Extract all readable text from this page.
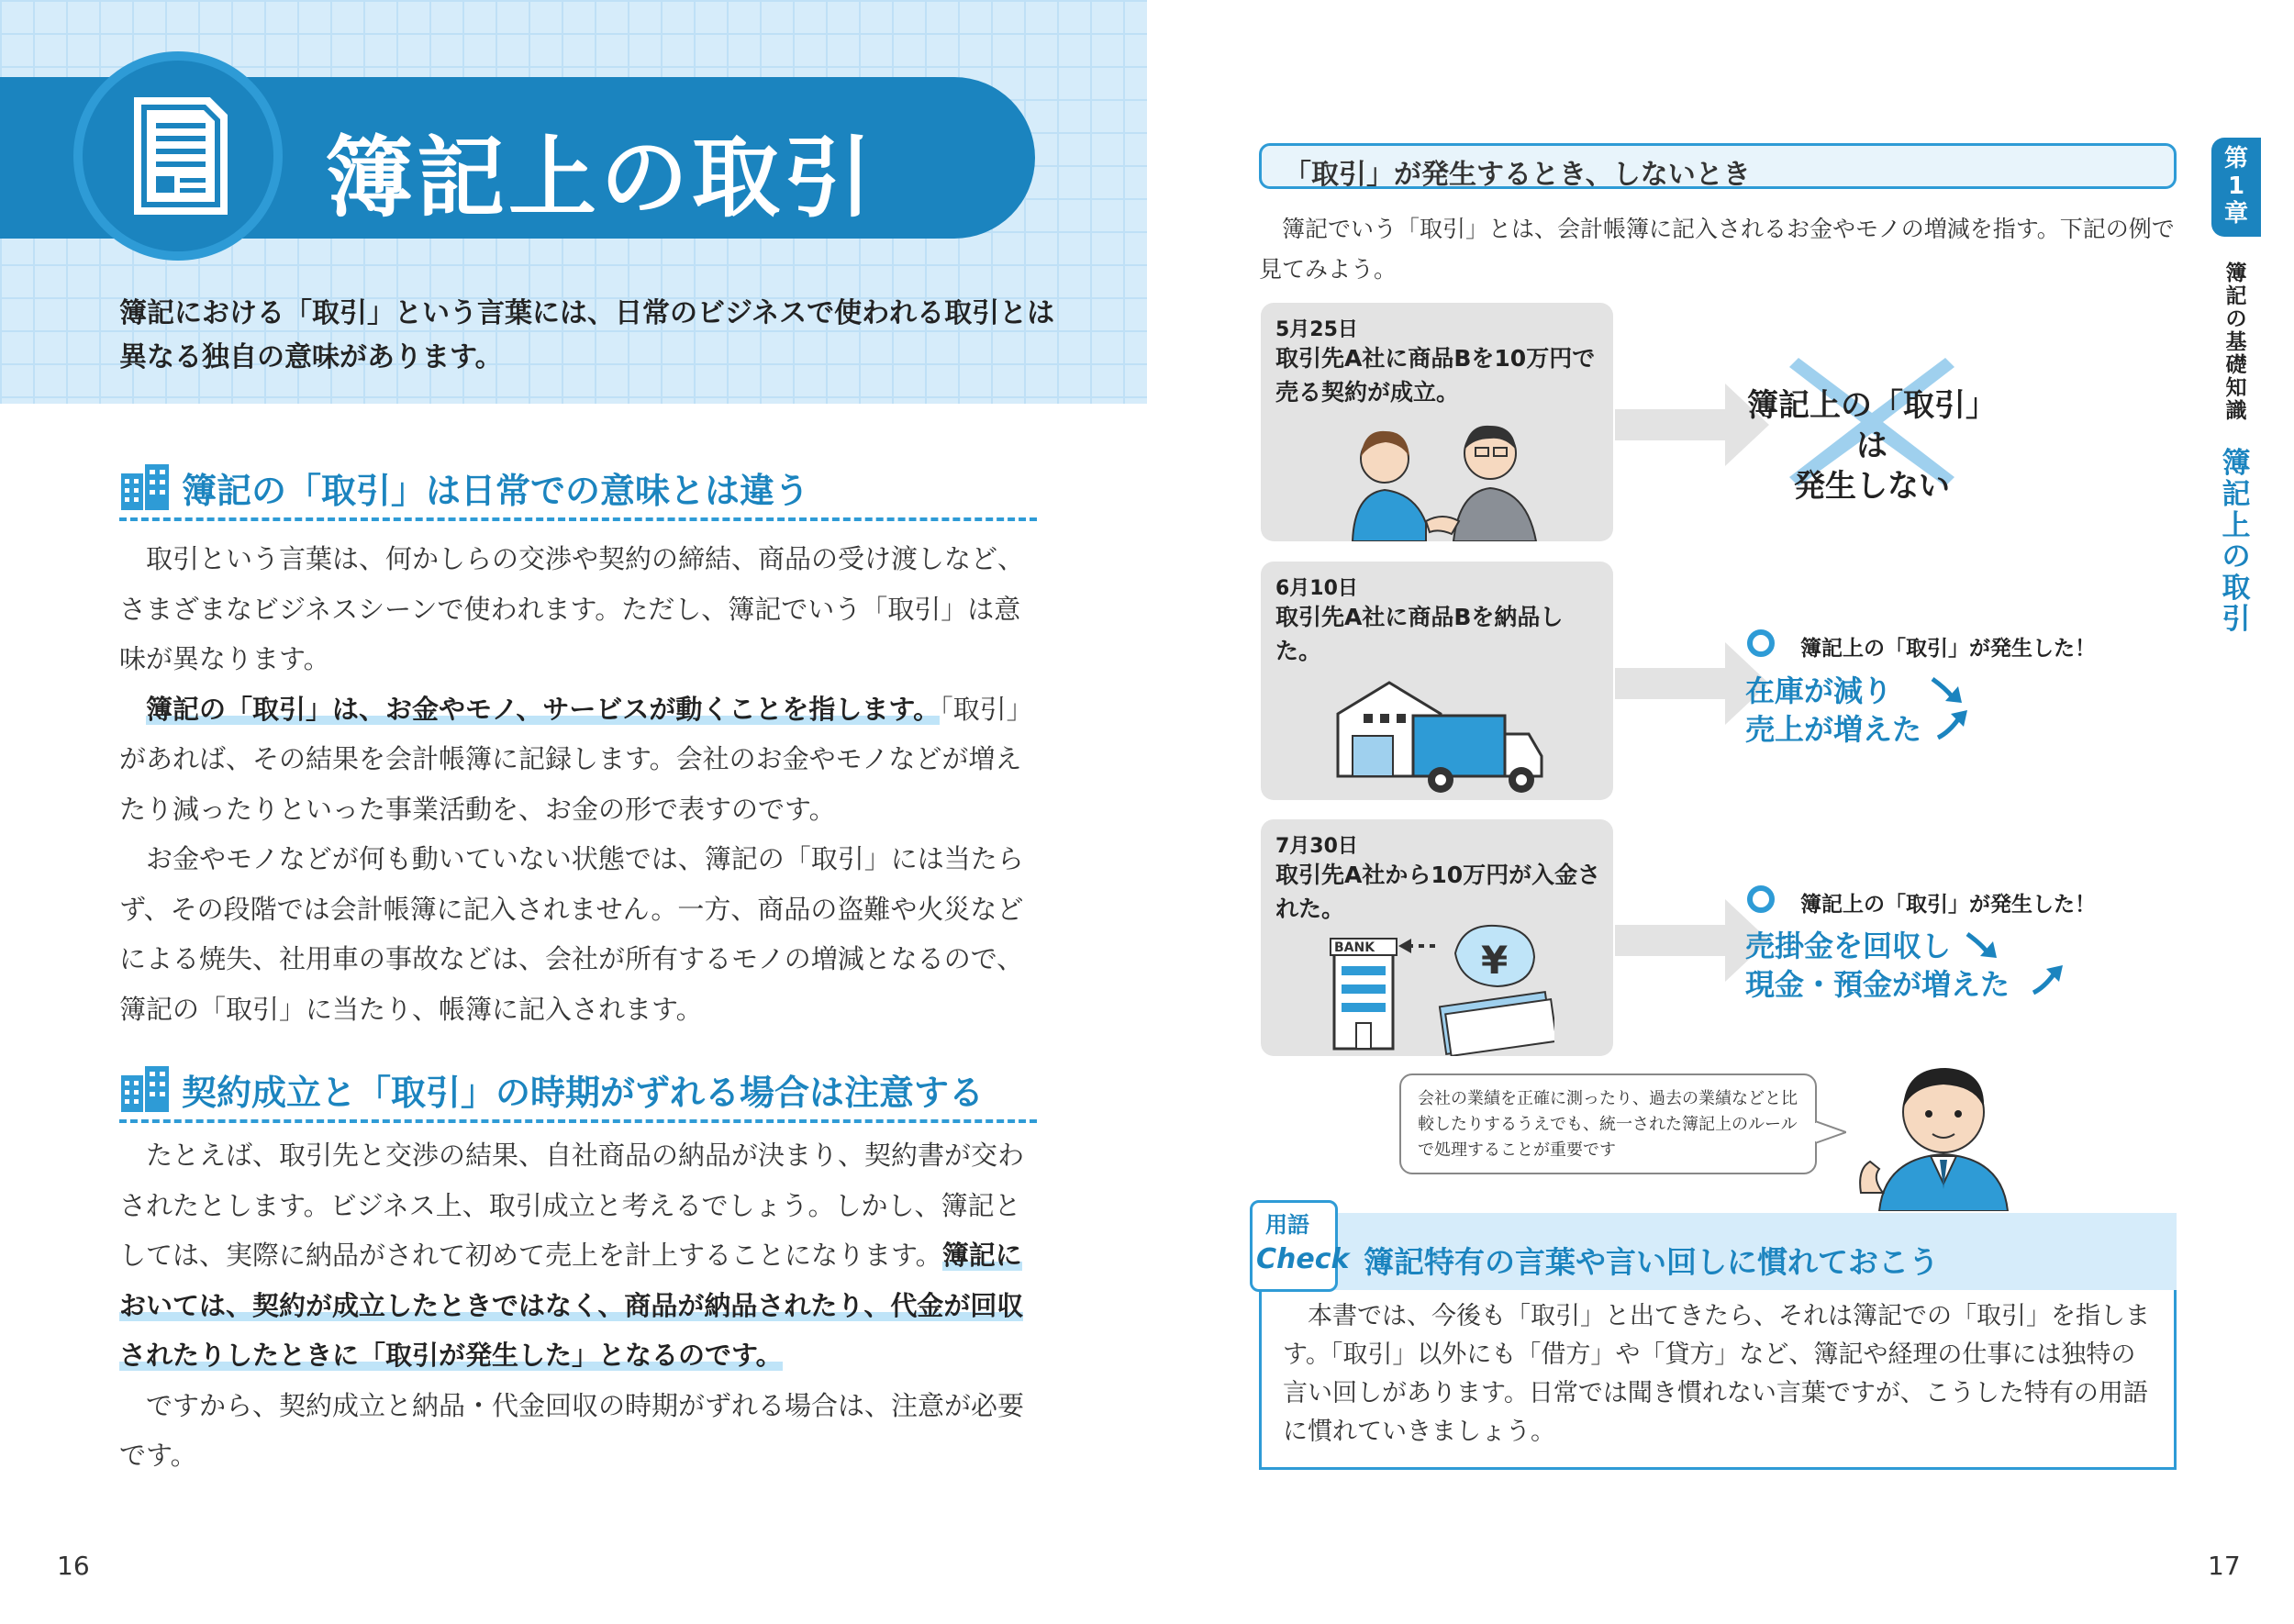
簿記上の取引
簿記における「取引」という言葉には、日常のビジネスで使われる取引とは異なる独自の意味があります。
簿記の「取引」は日常での意味とは違う

取引という言葉は、何かしらの交渉や契約の締結、商品の受け渡しなど、さまざまなビジネスシーンで使われます。ただし、簿記でいう「取引」は意味が異なります。

簿記の「取引」は、お金やモノ、サービスが動くことを指します。「取引」があれば、その結果を会計帳簿に記録します。会社のお金やモノなどが増えたり減ったりといった事業活動を、お金の形で表すのです。

お金やモノなどが何も動いていない状態では、簿記の「取引」には当たらず、その段階では会計帳簿に記入されません。一方、商品の盗難や火災などによる焼失、社用車の事故などは、会社が所有するモノの増減となるので、簿記の「取引」に当たり、帳簿に記入されます。

契約成立と「取引」の時期がずれる場合は注意する

たとえば、取引先と交渉の結果、自社商品の納品が決まり、契約書が交わされたとします。ビジネス上、取引成立と考えるでしょう。しかし、簿記としては、実際に納品がされて初めて売上を計上することになります。簿記においては、契約が成立したときではなく、商品が納品されたり、代金が回収されたりしたときに「取引が発生した」となるのです。

ですから、契約成立と納品・代金回収の時期がずれる場合は、注意が必要です。

16
「取引」が発生するとき、しないとき

簿記でいう「取引」とは、会計帳簿に記入されるお金やモノの増減を指す。下記の例で見てみよう。

5月25日
取引先A社に商品Bを10万円で売る契約が成立。	簿記上の「取引」は
発生しない
6月10日
取引先A社に商品Bを納品した。	簿記上の「取引」が発生した！
在庫が減り
売上が増えた
7月30日
取引先A社から10万円が入金された。
¥
BANK
簿記上の「取引」が発生した！
売掛金を回収し
現金・預金が増えた
会社の業績を正確に測ったり、過去の業績などと比較したりするうえでも、統一された簿記上のルールで処理することが重要です
用語
Check 簿記特有の言葉や言い回しに慣れておこう

本書では、今後も「取引」と出てきたら、それは簿記での「取引」を指します。「取引」以外にも「借方」や「貸方」など、簿記や経理の仕事には独特の言い回しがあります。日常では聞き慣れない言葉ですが、こうした特有の用語に慣れていきましょう。

第1章
簿記の基礎知識
簿記上の取引
17
